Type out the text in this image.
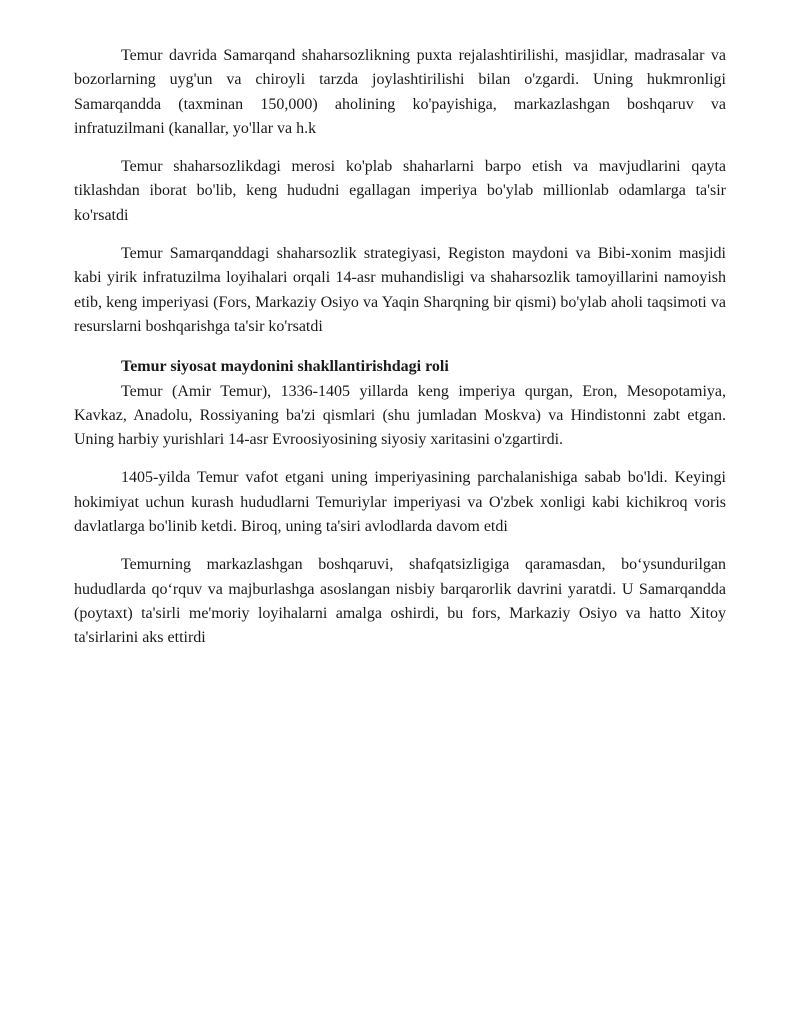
Temur davrida Samarqand shaharsozlikning puxta rejalashtirilishi, masjidlar, madrasalar va bozorlarning uyg'un va chiroyli tarzda joylashtirilishi bilan o'zgardi. Uning hukmronligi Samarqandda (taxminan 150,000) aholining ko'payishiga, markazlashgan boshqaruv va infratuzilmani (kanallar, yo'llar va h.k

Temur shaharsozlikdagi merosi ko'plab shaharlarni barpo etish va mavjudlarini qayta tiklashdan iborat bo'lib, keng hududni egallagan imperiya bo'ylab millionlab odamlarga ta'sir ko'rsatdi

Temur Samarqanddagi shaharsozlik strategiyasi, Registon maydoni va Bibi-xonim masjidi kabi yirik infratuzilma loyihalari orqali 14-asr muhandisligi va shaharsozlik tamoyillarini namoyish etib, keng imperiyasi (Fors, Markaziy Osiyo va Yaqin Sharqning bir qismi) bo'ylab aholi taqsimoti va resurslarni boshqarishga ta'sir ko'rsatdi

Temur siyosat maydonini shakllantirishdagi roli

Temur (Amir Temur), 1336-1405 yillarda keng imperiya qurgan, Eron, Mesopotamiya, Kavkaz, Anadolu, Rossiyaning ba'zi qismlari (shu jumladan Moskva) va Hindistonni zabt etgan. Uning harbiy yurishlari 14-asr Evroosiyosining siyosiy xaritasini o'zgartirdi.

1405-yilda Temur vafot etgani uning imperiyasining parchalanishiga sabab bo'ldi. Keyingi hokimiyat uchun kurash hududlarni Temuriylar imperiyasi va O'zbek xonligi kabi kichikroq voris davlatlarga bo'linib ketdi. Biroq, uning ta'siri avlodlarda davom etdi

Temurning markazlashgan boshqaruvi, shafqatsizligiga qaramasdan, bo‘ysundurilgan hududlarda qo‘rquv va majburlashga asoslangan nisbiy barqarorlik davrini yaratdi. U Samarqandda (poytaxt) ta'sirli me'moriy loyihalarni amalga oshirdi, bu fors, Markaziy Osiyo va hatto Xitoy ta'sirlarini aks ettirdi
